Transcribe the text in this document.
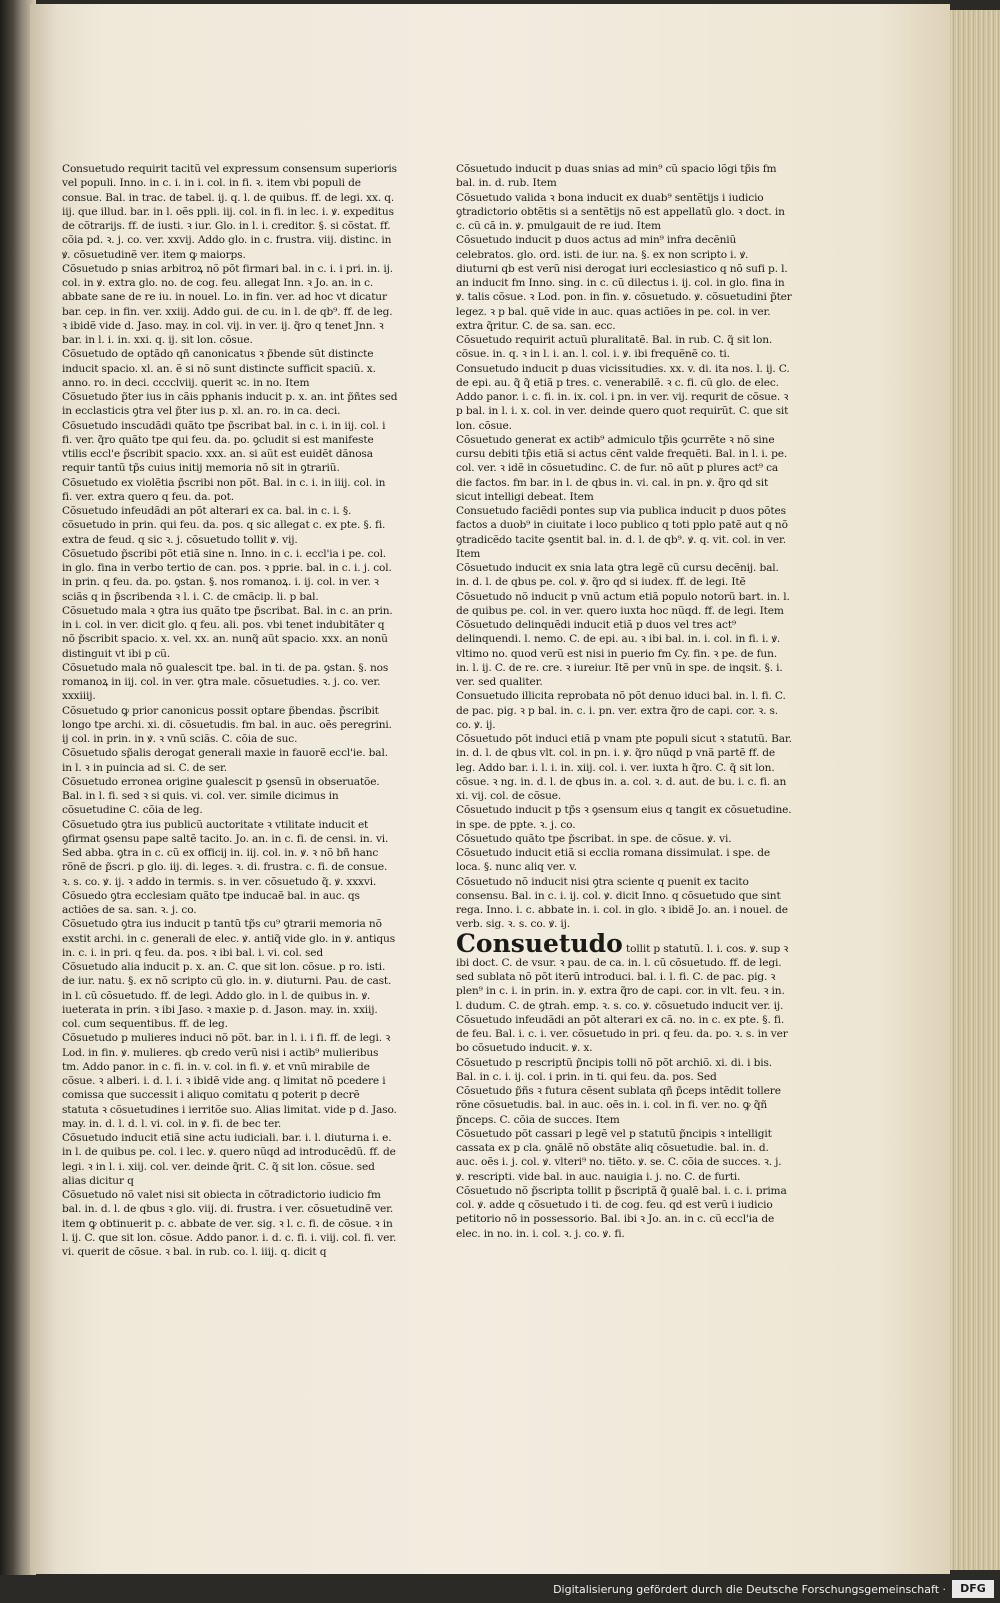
Consuetudo requirit tacitũ vel expressum consensum superioris vel populi. Inno. in c. i. in i. col. in fi. ꝛ. item vbi populi de consue. Bal. in trac. de tabel. ij. q. l. de quibus. ff. de legi. xx. q. iij. que illud. bar. in l. oẽs ppli. iij. col. in fi. in lec. i. ꝟ. expeditus de cõtrarijs. ff. de iusti. ꝛ iur. Glo. in l. i. creditor. §. si cõstat. ff. cõia pd. ꝛ. j. co. ver. xxvij. Addo glo. in c. frustra. viij. distinc. in ꝟ. cõsuetudinẽ ver. item ꝙ maiorps.

Cõsuetudo p snias arbitroꝝ nõ põt firmari bal. in c. i. i pri. in. ij. col. in ꝟ. extra glo. no. de cog. feu. allegat Inn. ꝛ Jo. an. in c. abbate sane de re iu. in nouel. Lo. in fin. ver. ad hoc vt dicatur bar. cep. in fin. ver. xxiij. Addo gui. de cu. in l. de qb⁹. ff. de leg. ꝛ ibidẽ vide d. Jaso. may. in col. vij. in ver. ij. q̃ro q tenet Jnn. ꝛ bar. in l. i. in. xxi. q. ij. sit lon. cõsue.

Cõsuetudo de optãdo qñ canonicatus ꝛ p̃bende sũt distincte inducit spacio. xl. an. ẽ si nõ sunt distincte sufficit spaciũ. x. anno. ro. in deci. cccclviij. querit ꝛc. in no. Item

Cõsuetudo p̃ter ius in cãis pphanis inducit p. x. an. int p̃ñtes sed in ecclasticis ꝯtra vel p̃ter ius p. xl. an. ro. in ca. deci.

Cõsuetudo inscudãdi quãto tpe p̃scribat bal. in c. i. in iij. col. i fi. ver. q̃ro quãto tpe qui feu. da. po. ꝯcludit si est manifeste vtilis eccl'e p̃scribit spacio. xxx. an. si aũt est euidẽt dãnosa requir tantũ tp̃s cuius initij memoria nõ sit in ꝯtrariũ.

Cõsuetudo ex violẽtia p̃scribi non põt. Bal. in c. i. in iiij. col. in fi. ver. extra quero q feu. da. pot.

Cõsuetudo infeudãdi an põt alterari ex ca. bal. in c. i. §. cõsuetudo in prin. qui feu. da. pos. q sic allegat c. ex pte. §. fi. extra de feud. q sic ꝛ. j. cõsuetudo tollit ꝟ. vij.

Cõsuetudo p̃scribi põt etiã sine n. Inno. in c. i. eccl'ia i pe. col. in glo. fina in verbo tertio de can. pos. ꝛ pprie. bal. in c. i. j. col. in prin. q feu. da. po. ꝯstan. §. nos romanoꝝ. i. ij. col. in ver. ꝛ sciãs q in p̃scribenda ꝛ l. i. C. de cmãcip. li. p bal.

Cõsuetudo mala ꝛ ꝯtra ius quãto tpe p̃scribat. Bal. in c. an prin. in i. col. in ver. dicit glo. q feu. ali. pos. vbi tenet indubitãter q nõ p̃scribit spacio. x. vel. xx. an. nunq̃ aũt spacio. xxx. an nonũ distinguit vt ibi p cũ.

Cõsuetudo mala nõ ꝯualescit tpe. bal. in ti. de pa. ꝯstan. §. nos romanoꝝ in iij. col. in ver. ꝯtra male. cõsuetudies. ꝛ. j. co. ver. xxxiiij.

Cõsuetudo ꝙ prior canonicus possit optare p̃bendas. p̃scribit longo tpe archi. xi. di. cõsuetudis. fm bal. in auc. oẽs peregrini. ij col. in prin. in ꝟ. ꝛ vnũ sciãs. C. cõia de suc.

Cõsuetudo sp̃alis derogat generali maxie in fauorẽ eccl'ie. bal. in l. ꝛ in puincia ad si. C. de ser.

Cõsuetudo erronea origine ꝯualescit p ꝯsensũ in obseruatõe. Bal. in l. fi. sed ꝛ si quis. vi. col. ver. simile dicimus in cõsuetudine C. cõia de leg.

Cõsuetudo ꝯtra ius publicũ auctoritate ꝛ vtilitate inducit et ꝯfirmat ꝯsensu pape saltẽ tacito. Jo. an. in c. fi. de censi. in. vi. Sed abba. ꝯtra in c. cũ ex officij in. iij. col. in. ꝟ. ꝛ nõ bñ hanc rõnẽ de p̃scri. p glo. iij. di. leges. ꝛ. di. frustra. c. fi. de consue. ꝛ. s. co. ꝟ. ij. ꝛ addo in termis. s. in ver. cõsuetudo q̃. ꝟ. xxxvi.

Cõsuedo ꝯtra ecclesiam quãto tpe inducaẽ bal. in auc. qs actiões de sa. san. ꝛ. j. co.

Cõsuetudo ꝯtra ius inducit p tantũ tp̃s cu⁹ ꝯtrarii memoria nõ exstit archi. in c. generali de elec. ꝟ. antiq̃ vide glo. in ꝟ. antiqus in. c. i. in pri. q feu. da. pos. ꝛ ibi bal. i. vi. col. sed

Cõsuetudo alia inducit p. x. an. C. que sit lon. cõsue. p ro. isti. de iur. natu. §. ex nõ scripto cũ glo. in. ꝟ. diuturni. Pau. de cast. in l. cũ cõsuetudo. ff. de legi. Addo glo. in l. de quibus in. ꝟ. iueterata in prin. ꝛ ibi Jaso. ꝛ maxie p. d. Jason. may. in. xxiij. col. cum sequentibus. ff. de leg.

Cõsuetudo p mulieres induci nõ põt. bar. in l. i. i fi. ff. de legi. ꝛ Lod. in fin. ꝟ. mulieres. qb credo verũ nisi i actib⁹ mulieribus tm. Addo panor. in c. fi. in. v. col. in fi. ꝟ. et vnũ mirabile de cõsue. ꝛ alberi. i. d. l. i. ꝛ ibidẽ vide ang. q limitat nõ pcedere i comissa que successit i aliquo comitatu q poterit p decrẽ statuta ꝛ cõsuetudines i ierritõe suo. Alias limitat. vide p d. Jaso. may. in. d. l. d. l. vi. col. in ꝟ. fi. de bec ter.

Cõsuetudo inducit etiã sine actu iudiciali. bar. i. l. diuturna i. e. in l. de quibus pe. col. i lec. ꝟ. quero nũqd ad introducẽdũ. ff. de legi. ꝛ in l. i. xiij. col. ver. deinde q̃rit. C. q̃ sit lon. cõsue. sed alias dicitur q

Cõsuetudo nõ valet nisi sit obiecta in cõtradictorio iudicio fm bal. in. d. l. de qbus ꝛ glo. viij. di. frustra. i ver. cõsuetudinẽ ver. item ꝙ obtinuerit p. c. abbate de ver. sig. ꝛ l. c. fi. de cõsue. ꝛ in l. ij. C. que sit lon. cõsue. Addo panor. i. d. c. fi. i. viij. col. fi. ver. vi. querit de cõsue. ꝛ bal. in rub. co. l. iiij. q. dicit q

Cõsuetudo inducit p duas snias ad min⁹ cũ spacio lõgi tp̃is fm bal. in. d. rub. Item

Cõsuetudo valida ꝛ bona inducit ex duab⁹ sentẽtijs i iudicio ꝯtradictorio obtẽtis si a sentẽtijs nõ est appellatũ glo. ꝛ doct. in c. cũ cã in. ꝟ. pmulgauit de re iud. Item

Cõsuetudo inducit p duos actus ad min⁹ infra decẽniũ celebratos. glo. ord. isti. de iur. na. §. ex non scripto i. ꝟ. diuturni qb est verũ nisi derogat iuri ecclesiastico q nõ sufi p. l. an inducit fm Inno. sing. in c. cũ dilectus i. ij. col. in glo. fina in ꝟ. talis cõsue. ꝛ Lod. pon. in fin. ꝟ. cõsuetudo. ꝟ. cõsuetudini p̃ter legez. ꝛ p bal. quẽ vide in auc. quas actiões in pe. col. in ver. extra q̃ritur. C. de sa. san. ecc.

Cõsuetudo requirit actuũ pluralitatẽ. Bal. in rub. C. q̃ sit lon. cõsue. in. q. ꝛ in l. i. an. l. col. i. ꝟ. ibi frequẽnẽ co. ti.

Consuetudo inducit p duas vicissitudies. xx. v. di. ita nos. l. ij. C. de epi. au. q̃ q̃ etiã p tres. c. venerabilẽ. ꝛ c. fi. cũ glo. de elec. Addo panor. i. c. fi. in. ix. col. i pn. in ver. vij. requrit de cõsue. ꝛ p bal. in l. i. x. col. in ver. deinde quero quot requirũt. C. que sit lon. cõsue.

Cõsuetudo generat ex actib⁹ admiculo tp̃is ꝯcurrẽte ꝛ nõ sine cursu debiti tp̃is etiã si actus cẽnt valde frequẽti. Bal. in l. i. pe. col. ver. ꝛ idẽ in cõsuetudinc. C. de fur. nõ aũt p plures act⁹ ca die factos. fm bar. in l. de qbus in. vi. cal. in pn. ꝟ. q̃ro qd sit sicut intelligi debeat. Item

Consuetudo faciẽdi pontes sup via publica inducit p duos põtes factos a duob⁹ in ciuitate i loco publico q toti pplo patẽ aut q nõ ꝯtradicẽdo tacite ꝯsentit bal. in. d. l. de qb⁹. ꝟ. q. vit. col. in ver. Item

Cõsuetudo inducit ex snia lata ꝯtra legẽ cũ cursu decẽnij. bal. in. d. l. de qbus pe. col. ꝟ. q̃ro qd si iudex. ff. de legi. Itẽ

Cõsuetudo nõ inducit p vnũ actum etiã populo notorũ bart. in. l. de quibus pe. col. in ver. quero iuxta hoc nũqd. ff. de legi. Item

Cõsuetudo delinquẽdi inducit etiã p duos vel tres act⁹ delinquendi. l. nemo. C. de epi. au. ꝛ ibi bal. in. i. col. in fi. i. ꝟ. vltimo no. quod verũ est nisi in puerio fm Cy. fin. ꝛ pe. de fun. in. l. ij. C. de re. cre. ꝛ iureiur. Itẽ per vnũ in spe. de inqsit. §. i. ver. sed qualiter.

Consuetudo illicita reprobata nõ põt denuo iduci bal. in. l. fi. C. de pac. pig. ꝛ p bal. in. c. i. pn. ver. extra q̃ro de capi. cor. ꝛ. s. co. ꝟ. ij.

Cõsuetudo põt induci etiã p vnam pte populi sicut ꝛ statutũ. Bar. in. d. l. de qbus vlt. col. in pn. i. ꝟ. q̃ro nũqd p vnã partẽ ff. de leg. Addo bar. i. l. i. in. xiij. col. i. ver. iuxta h q̃ro. C. q̃ sit lon. cõsue. ꝛ ng. in. d. l. de qbus in. a. col. ꝛ. d. aut. de bu. i. c. fi. an xi. vij. col. de cõsue.

Cõsuetudo inducit p tp̃s ꝛ ꝯsensum eius q tangit ex cõsuetudine. in spe. de ppte. ꝛ. j. co.

Cõsuetudo quãto tpe p̃scribat. in spe. de cõsue. ꝟ. vi.

Cõsuetudo inducit etiã si ecclia romana dissimulat. i spe. de loca. §. nunc aliq ver. v.

Cõsuetudo nõ inducit nisi ꝯtra sciente q puenit ex tacito consensu. Bal. in c. i. ij. col. ꝟ. dicit Inno. q cõsuetudo que sint rega. Inno. i. c. abbate in. i. col. in glo. ꝛ ibidẽ Jo. an. i nouel. de verb. sig. ꝛ. s. co. ꝟ. ij.

Consuetudo tollit p statutũ. l. i. cos. ꝟ. sup ꝛ ibi doct. C. de vsur. ꝛ pau. de ca. in. l. cũ cõsuetudo. ff. de legi. sed sublata nõ põt iterũ introduci. bal. i. l. fi. C. de pac. pig. ꝛ plen⁹ in c. i. in prin. in. ꝟ. extra q̃ro de capi. cor. in vlt. feu. ꝛ in. l. dudum. C. de ꝯtrah. emp. ꝛ. s. co. ꝟ. cõsuetudo inducit ver. ij.

Cõsuetudo infeudãdi an põt alterari ex cã. no. in c. ex pte. §. fi. de feu. Bal. i. c. i. ver. cõsuetudo in pri. q feu. da. po. ꝛ. s. in ver bo cõsuetudo inducit. ꝟ. x.

Cõsuetudo p rescriptũ p̃ncipis tolli nõ põt archiõ. xi. di. i bis. Bal. in c. i. ij. col. i prin. in ti. qui feu. da. pos. Sed

Cõsuetudo p̃ñs ꝛ futura cẽsent sublata qñ p̃ceps intẽdit tollere rõne cõsuetudis. bal. in auc. oẽs in. i. col. in fi. ver. no. ꝙ q̃ñ p̃nceps. C. cõia de succes. Item

Cõsuetudo põt cassari p legẽ vel p statutũ p̃ncipis ꝛ intelligit cassata ex p cla. ꝯnãlẽ nõ obstãte aliq cõsuetudie. bal. in. d. auc. oẽs i. j. col. ꝟ. vlteri⁹ no. tiẽto. ꝟ. se. C. cõia de succes. ꝛ. j. ꝟ. rescripti. vide bal. in auc. nauigia i. j. no. C. de furti.

Cõsuetudo nõ p̃scripta tollit p p̃scriptã q̃ ꝯualẽ bal. i. c. i. prima col. ꝟ. adde q cõsuetudo i ti. de cog. feu. qd est verũ i iudicio petitorio nõ in possessorio. Bal. ibi ꝛ Jo. an. in c. cũ eccl'ia de elec. in no. in. i. col. ꝛ. j. co. ꝟ. fi.

Digitalisierung gefördert durch die Deutsche Forschungsgemeinschaft ·	DFG
